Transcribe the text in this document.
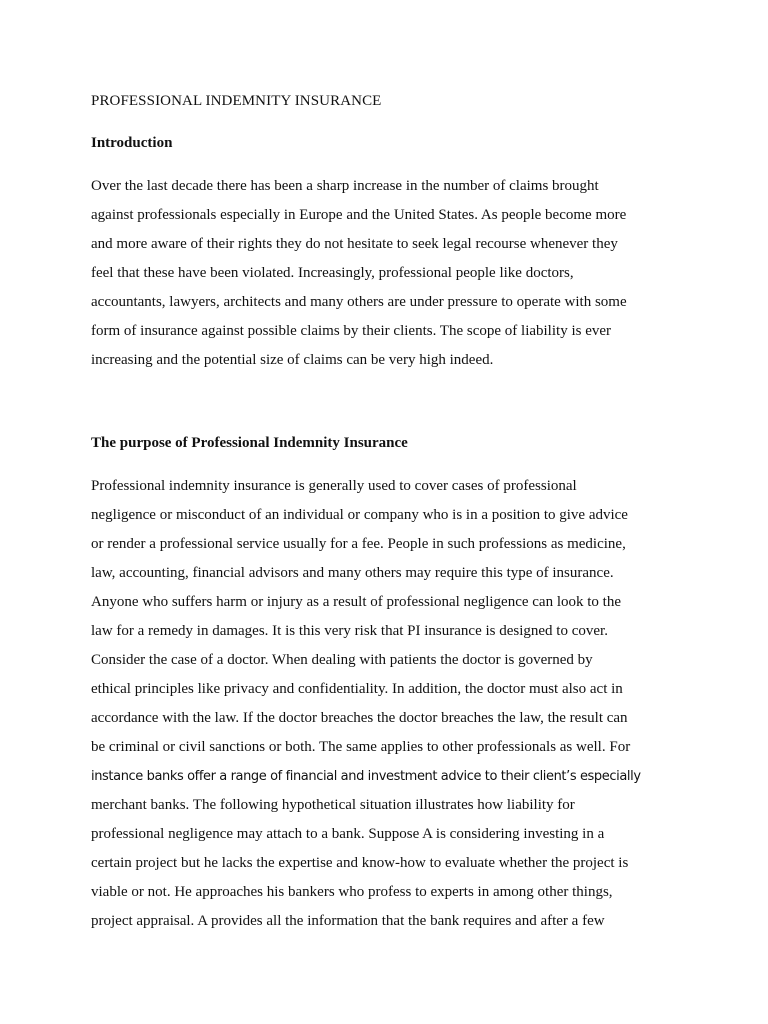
PROFESSIONAL INDEMNITY INSURANCE
Introduction
Over the last decade there has been a sharp increase in the number of claims brought
against professionals especially in Europe and the United States. As people become more
and more aware of their rights they do not hesitate to seek legal recourse whenever they
feel that these have been violated. Increasingly, professional people like doctors,
accountants, lawyers, architects and many others are under pressure to operate with some
form of insurance against possible claims by their clients. The scope of liability is ever
increasing and the potential size of claims can be very high indeed.
The purpose of Professional Indemnity Insurance
Professional indemnity insurance is generally used to cover cases of professional
negligence or misconduct of an individual or company who is in a position to give advice
or render a professional service usually for a fee. People in such professions as medicine,
law, accounting, financial advisors and many others may require this type of insurance.
Anyone who suffers harm or injury as a result of professional negligence can look to the
law for a remedy in damages. It is this very risk that PI insurance is designed to cover.
Consider the case of a doctor. When dealing with patients the doctor is governed by
ethical principles like privacy and confidentiality. In addition, the doctor must also act in
accordance with the law. If the doctor breaches the doctor breaches the law, the result can
be criminal or civil sanctions or both. The same applies to other professionals as well. For
instance banks offer a range of financial and investment advice to their client’s especially
merchant banks. The following hypothetical situation illustrates how liability for
professional negligence may attach to a bank. Suppose A is considering investing in a
certain project but he lacks the expertise and know-how to evaluate whether the project is
viable or not. He approaches his bankers who profess to experts in among other things,
project appraisal. A provides all the information that the bank requires and after a few
